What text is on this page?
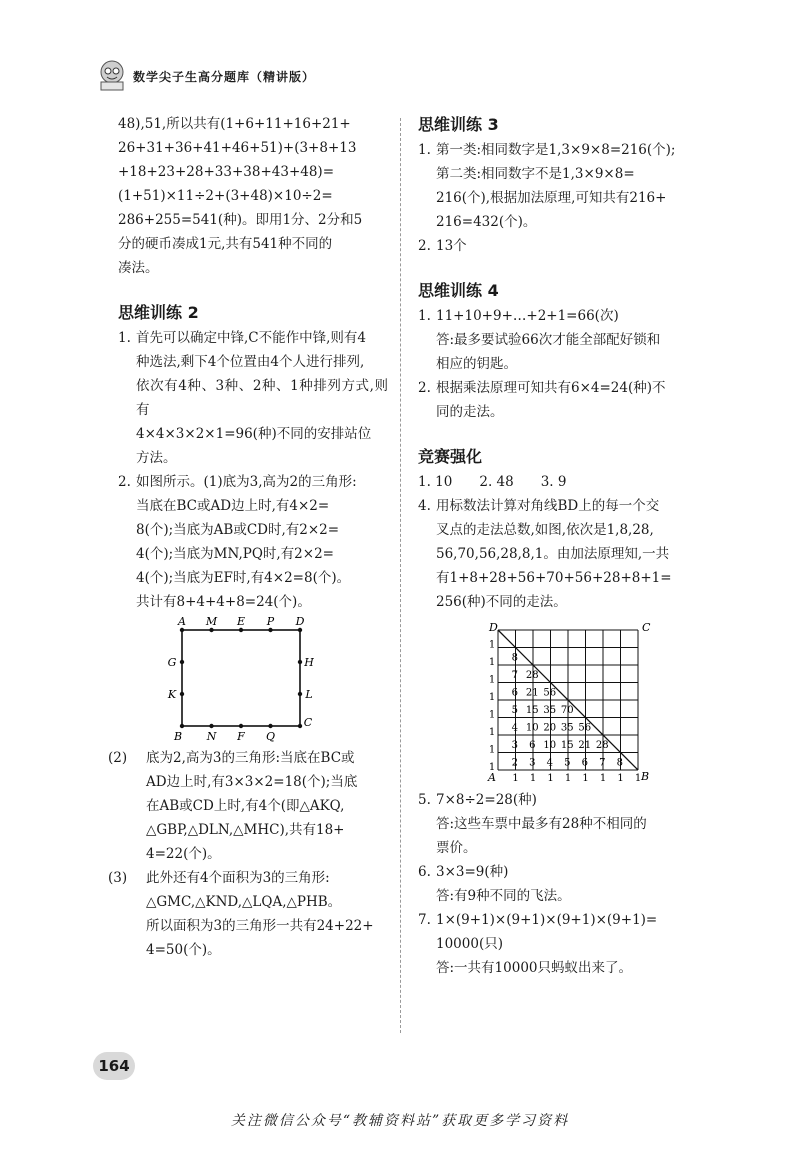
数学尖子生高分题库（精讲版）

48),51,所以共有(1+6+11+16+21+

26+31+36+41+46+51)+(3+8+13

+18+23+28+33+38+43+48)=

(1+51)×11÷2+(3+48)×10÷2=

286+255=541(种)。即用1分、2分和5

分的硬币凑成1元,共有541种不同的

凑法。

思维训练 2
1. 首先可以确定中锋,C不能作中锋,则有4

种选法,剩下4个位置由4个人进行排列,

依次有4种、3种、2种、1种排列方式,则有

4×4×3×2×1=96(种)不同的安排站位

方法。

2. 如图所示。(1)底为3,高为2的三角形:

当底在BC或AD边上时,有4×2=

8(个);当底为AB或CD时,有2×2=

4(个);当底为MN,PQ时,有2×2=

4(个);当底为EF时,有4×2=8(个)。

共计有8+4+4+8=24(个)。

A M E P D
G
K
H
L
B N F Q
C
(2) 底为2,高为3的三角形:当底在BC或

AD边上时,有3×3×2=18(个);当底

在AB或CD上时,有4个(即△AKQ,

△GBP,△DLN,△MHC),共有18+

4=22(个)。

(3) 此外还有4个面积为3的三角形:

△GMC,△KND,△LQA,△PHB。

所以面积为3的三角形一共有24+22+

4=50(个)。

思维训练 3
1. 第一类:相同数字是1,3×9×8=216(个);

第二类:相同数字不是1,3×9×8=

216(个),根据加法原理,可知共有216+

216=432(个)。

2. 13个

思维训练 4
1. 11+10+9+…+2+1=66(次)

答:最多要试验66次才能全部配好锁和

相应的钥匙。

2. 根据乘法原理可知共有6×4=24(种)不

同的走法。

竞赛强化

1. 10　　2. 48　　3. 9

4. 用标数法计算对角线BD上的每一个交

叉点的走法总数,如图,依次是1,8,28,

56,70,56,28,8,1。由加法原理知,一共

有1+8+28+56+70+56+28+8+1=

256(种)不同的走法。

D	C
A	B
1
1
1
1
1
1
1
1
1 1 1 1 1 1 1 1
8
7 28
6 21 56
5 15 35 70
4 10 20 35 56
3 6 10 15 21 28
2 3 4 5 6 7 8
5. 7×8÷2=28(种)

答:这些车票中最多有28种不相同的

票价。

6. 3×3=9(种)

答:有9种不同的飞法。

7. 1×(9+1)×(9+1)×(9+1)×(9+1)=

10000(只)

答:一共有10000只蚂蚁出来了。

164
关注微信公众号“教辅资料站”获取更多学习资料
